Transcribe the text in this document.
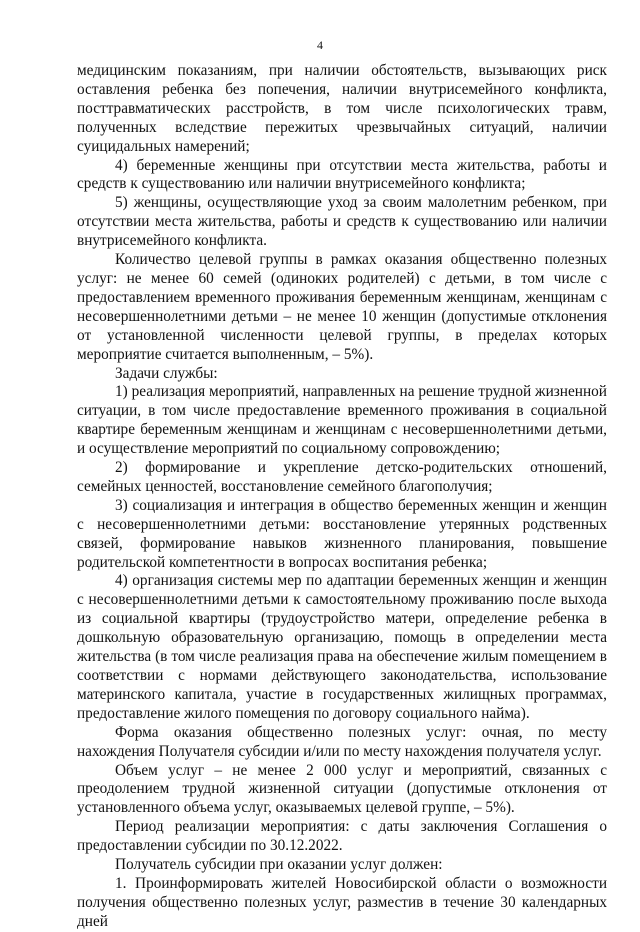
4

медицинским показаниям, при наличии обстоятельств, вызывающих риск оставления ребенка без попечения, наличии внутрисемейного конфликта, посттравматических расстройств, в том числе психологических травм, полученных вследствие пережитых чрезвычайных ситуаций, наличии суицидальных намерений;

4) беременные женщины при отсутствии места жительства, работы и средств к существованию или наличии внутрисемейного конфликта;

5) женщины, осуществляющие уход за своим малолетним ребенком, при отсутствии места жительства, работы и средств к существованию или наличии внутрисемейного конфликта.

Количество целевой группы в рамках оказания общественно полезных услуг: не менее 60 семей (одиноких родителей) с детьми, в том числе с предоставлением временного проживания беременным женщинам, женщинам с несовершеннолетними детьми – не менее 10 женщин (допустимые отклонения от установленной численности целевой группы, в пределах которых мероприятие считается выполненным, – 5%).

Задачи службы:

1) реализация мероприятий, направленных на решение трудной жизненной ситуации, в том числе предоставление временного проживания в социальной квартире беременным женщинам и женщинам с несовершеннолетними детьми, и осуществление мероприятий по социальному сопровождению;

2) формирование и укрепление детско-родительских отношений, семейных ценностей, восстановление семейного благополучия;

3) социализация и интеграция в общество беременных женщин и женщин с несовершеннолетними детьми: восстановление утерянных родственных связей, формирование навыков жизненного планирования, повышение родительской компетентности в вопросах воспитания ребенка;

4) организация системы мер по адаптации беременных женщин и женщин с несовершеннолетними детьми к самостоятельному проживанию после выхода из социальной квартиры (трудоустройство матери, определение ребенка в дошкольную образовательную организацию, помощь в определении места жительства (в том числе реализация права на обеспечение жилым помещением в соответствии с нормами действующего законодательства, использование материнского капитала, участие в государственных жилищных программах, предоставление жилого помещения по договору социального найма).

Форма оказания общественно полезных услуг: очная, по месту нахождения Получателя субсидии и/или по месту нахождения получателя услуг.

Объем услуг – не менее 2 000 услуг и мероприятий, связанных с преодолением трудной жизненной ситуации (допустимые отклонения от установленного объема услуг, оказываемых целевой группе, – 5%).

Период реализации мероприятия: с даты заключения Соглашения о предоставлении субсидии по 30.12.2022.

Получатель субсидии при оказании услуг должен:

1. Проинформировать жителей Новосибирской области о возможности получения общественно полезных услуг, разместив в течение 30 календарных дней
